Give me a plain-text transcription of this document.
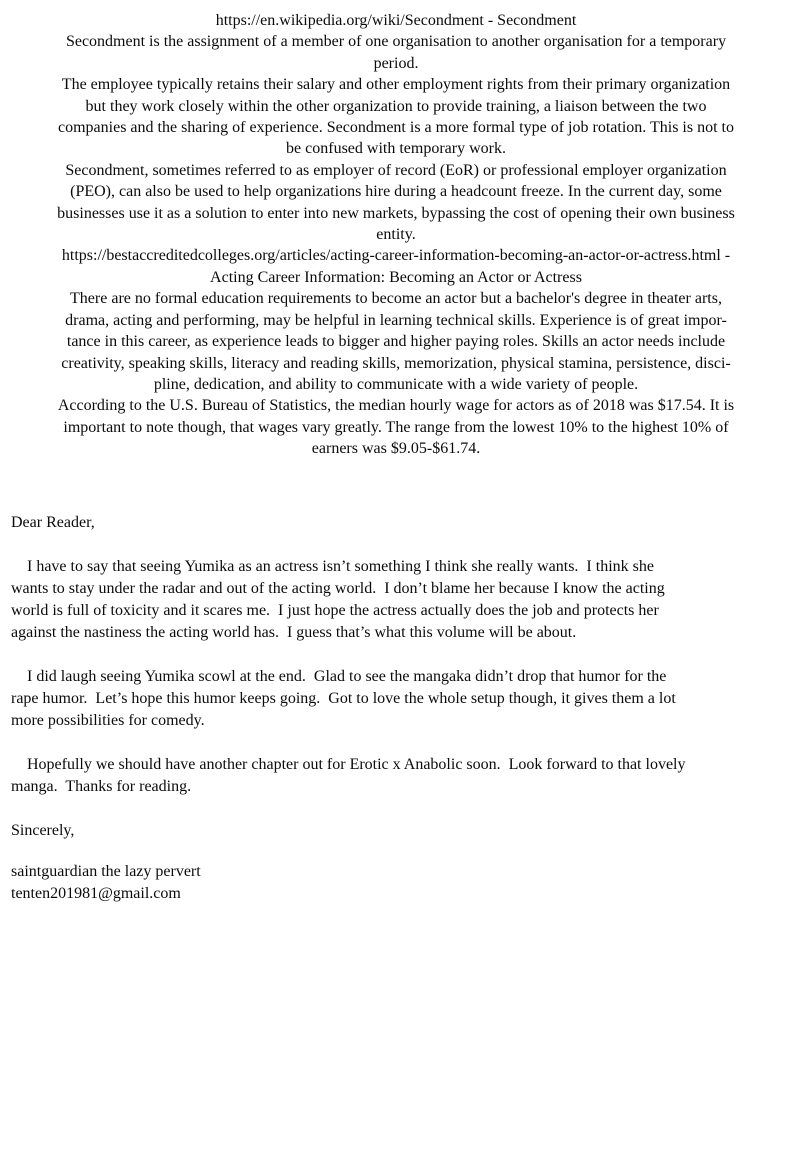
https://en.wikipedia.org/wiki/Secondment - Secondment
Secondment is the assignment of a member of one organisation to another organisation for a temporary
period.
The employee typically retains their salary and other employment rights from their primary organization
but they work closely within the other organization to provide training, a liaison between the two
companies and the sharing of experience. Secondment is a more formal type of job rotation. This is not to
be confused with temporary work.
Secondment, sometimes referred to as employer of record (EoR) or professional employer organization
(PEO), can also be used to help organizations hire during a headcount freeze. In the current day, some
businesses use it as a solution to enter into new markets, bypassing the cost of opening their own business
entity.
https://bestaccreditedcolleges.org/articles/acting-career-information-becoming-an-actor-or-actress.html -
Acting Career Information: Becoming an Actor or Actress
There are no formal education requirements to become an actor but a bachelor's degree in theater arts,
drama, acting and performing, may be helpful in learning technical skills. Experience is of great impor-
tance in this career, as experience leads to bigger and higher paying roles. Skills an actor needs include
creativity, speaking skills, literacy and reading skills, memorization, physical stamina, persistence, disci-
pline, dedication, and ability to communicate with a wide variety of people.
According to the U.S. Bureau of Statistics, the median hourly wage for actors as of 2018 was $17.54. It is
important to note though, that wages vary greatly. The range from the lowest 10% to the highest 10% of
earners was $9.05-$61.74.
Dear Reader,
I have to say that seeing Yumika as an actress isn’t something I think she really wants.  I think she
wants to stay under the radar and out of the acting world.  I don’t blame her because I know the acting
world is full of toxicity and it scares me.  I just hope the actress actually does the job and protects her
against the nastiness the acting world has.  I guess that’s what this volume will be about.
I did laugh seeing Yumika scowl at the end.  Glad to see the mangaka didn’t drop that humor for the
rape humor.  Let’s hope this humor keeps going.  Got to love the whole setup though, it gives them a lot
more possibilities for comedy.
Hopefully we should have another chapter out for Erotic x Anabolic soon.  Look forward to that lovely
manga.  Thanks for reading.
Sincerely,
saintguardian the lazy pervert
tenten201981@gmail.com
